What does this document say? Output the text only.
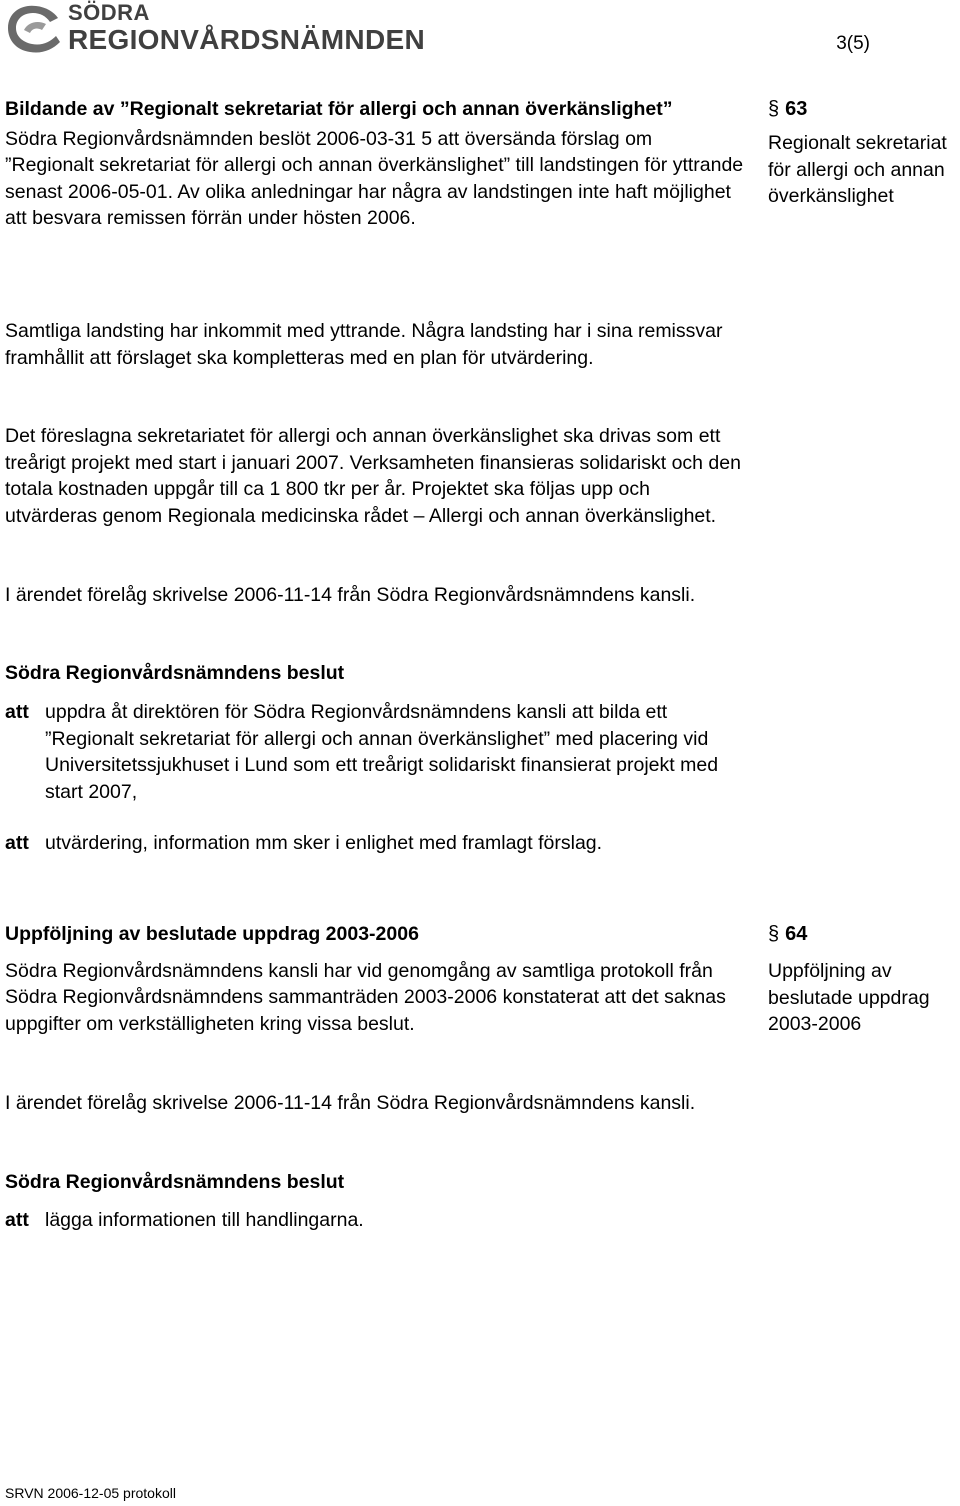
SÖDRA
REGIONVÅRDSNÄMNDEN	3(5)

Bildande av ”Regionalt sekretariat för allergi och annan överkänslighet”

Södra Regionvårdsnämnden beslöt 2006-03-31 5 att översända förslag om ”Regionalt sekretariat för allergi och annan överkänslighet” till landstingen för yttrande senast 2006-05-01. Av olika anledningar har några av landstingen inte haft möjlighet att besvara remissen förrän under hösten 2006.

Samtliga landsting har inkommit med yttrande. Några landsting har i sina remissvar framhållit att förslaget ska kompletteras med en plan för utvärdering.
Det föreslagna sekretariatet för allergi och annan överkänslighet ska drivas som ett treårigt projekt med start i januari 2007. Verksamheten finansieras solidariskt och den totala kostnaden uppgår till ca 1 800 tkr per år. Projektet ska följas upp och utvärderas genom Regionala medicinska rådet – Allergi och annan överkänslighet.
I ärendet förelåg skrivelse 2006-11-14 från Södra Regionvårdsnämndens kansli.
Södra Regionvårdsnämndens beslut
att uppdra åt direktören för Södra Regionvårdsnämndens kansli att bilda ett ”Regionalt sekretariat för allergi och annan överkänslighet” med placering vid Universitetssjukhuset i Lund som ett treårigt solidariskt finansierat projekt med start 2007,
att utvärdering, information mm sker i enlighet med framlagt förslag.
§ 63
Regionalt sekretariat för allergi och annan överkänslighet

Uppföljning av beslutade uppdrag 2003-2006

Södra Regionvårdsnämndens kansli har vid genomgång av samtliga protokoll från Södra Regionvårdsnämndens sammanträden 2003-2006 konstaterat att det saknas uppgifter om verkställigheten kring vissa beslut.

I ärendet förelåg skrivelse 2006-11-14 från Södra Regionvårdsnämndens kansli.
Södra Regionvårdsnämndens beslut
att lägga informationen till handlingarna.
§ 64
Uppföljning av beslutade uppdrag 2003-2006
SRVN 2006-12-05 protokoll
